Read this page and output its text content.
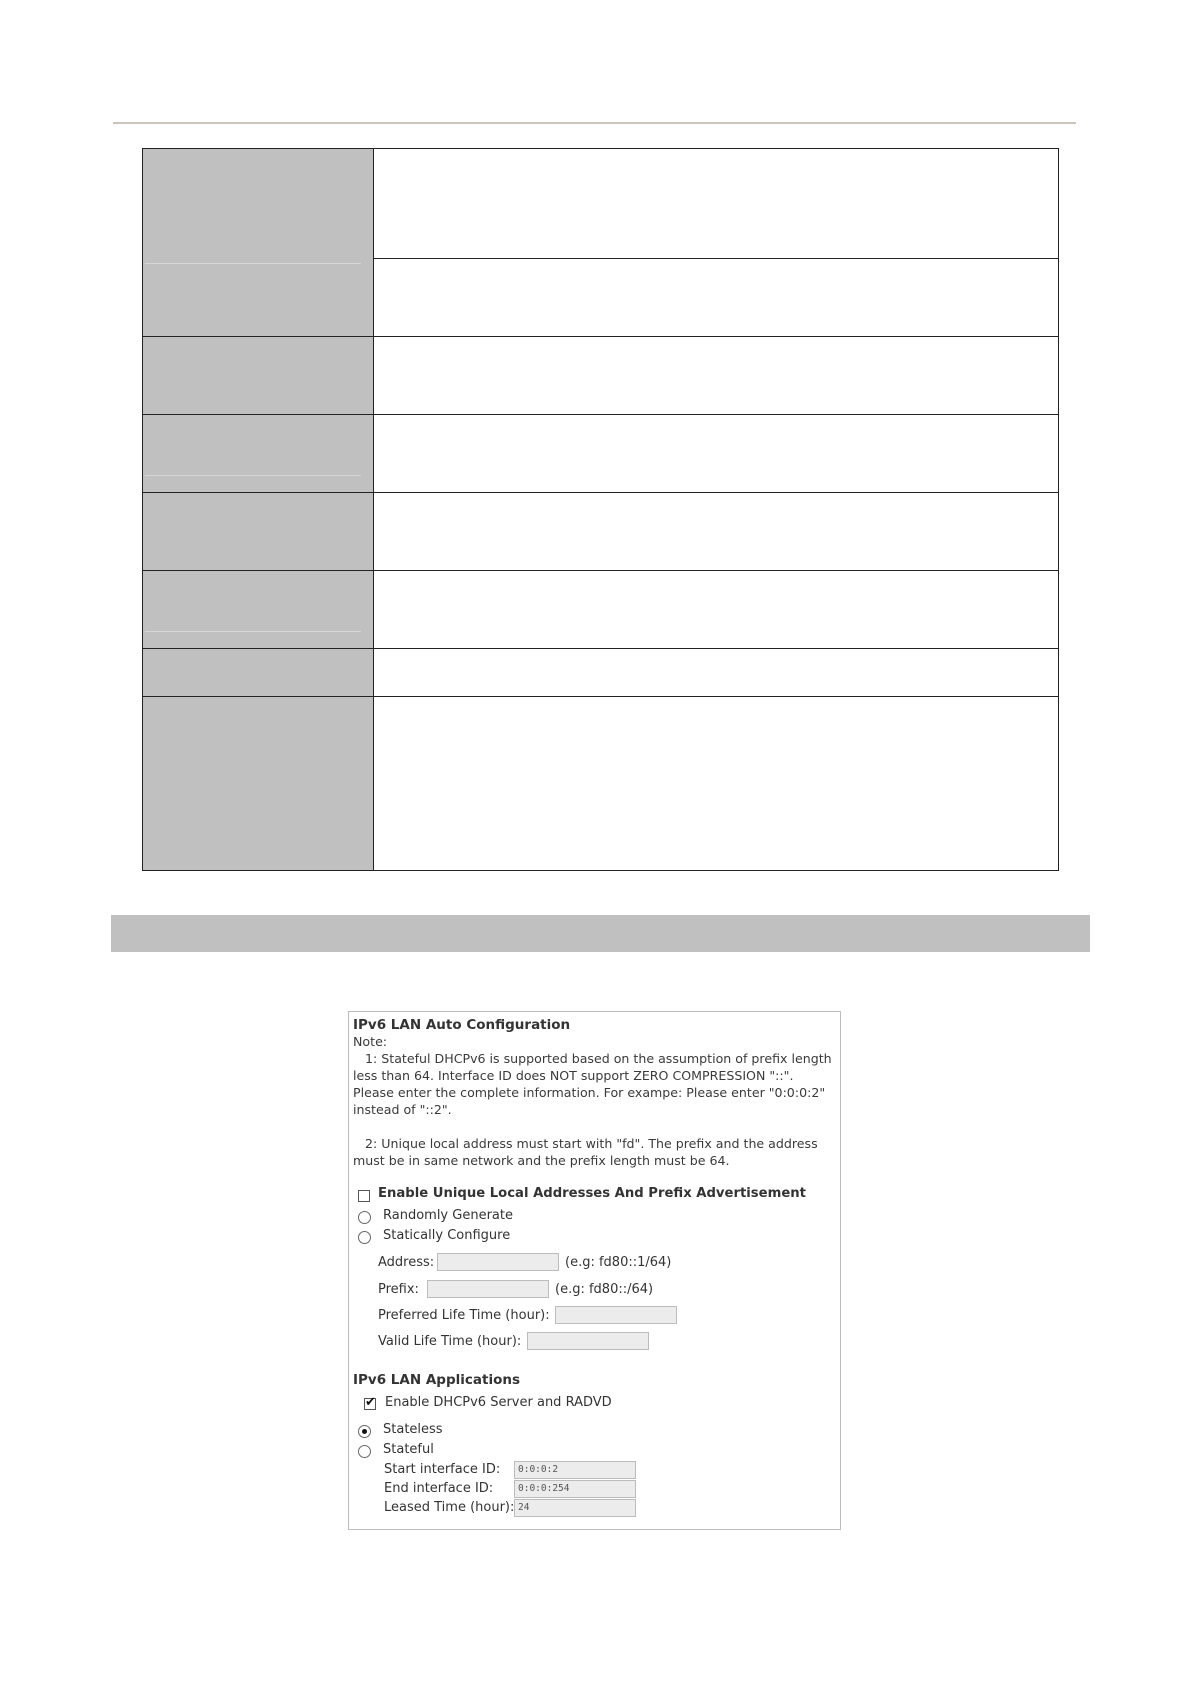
IPv6 LAN Auto Configuration
Note:
1: Stateful DHCPv6 is supported based on the assumption of prefix length
less than 64. Interface ID does NOT support ZERO COMPRESSION "::".
Please enter the complete information. For exampe: Please enter "0:0:0:2"
instead of "::2".
2: Unique local address must start with "fd". The prefix and the address
must be in same network and the prefix length must be 64.
Enable Unique Local Addresses And Prefix Advertisement
Randomly Generate
Statically Configure
Address:	(e.g: fd80::1/64)
Prefix:	(e.g: fd80::/64)
Preferred Life Time (hour):
Valid Life Time (hour):
IPv6 LAN Applications
✔ Enable DHCPv6 Server and RADVD
Stateless
Stateful
Start interface ID:	0:0:0:2
End interface ID:	0:0:0:254
Leased Time (hour): 24
